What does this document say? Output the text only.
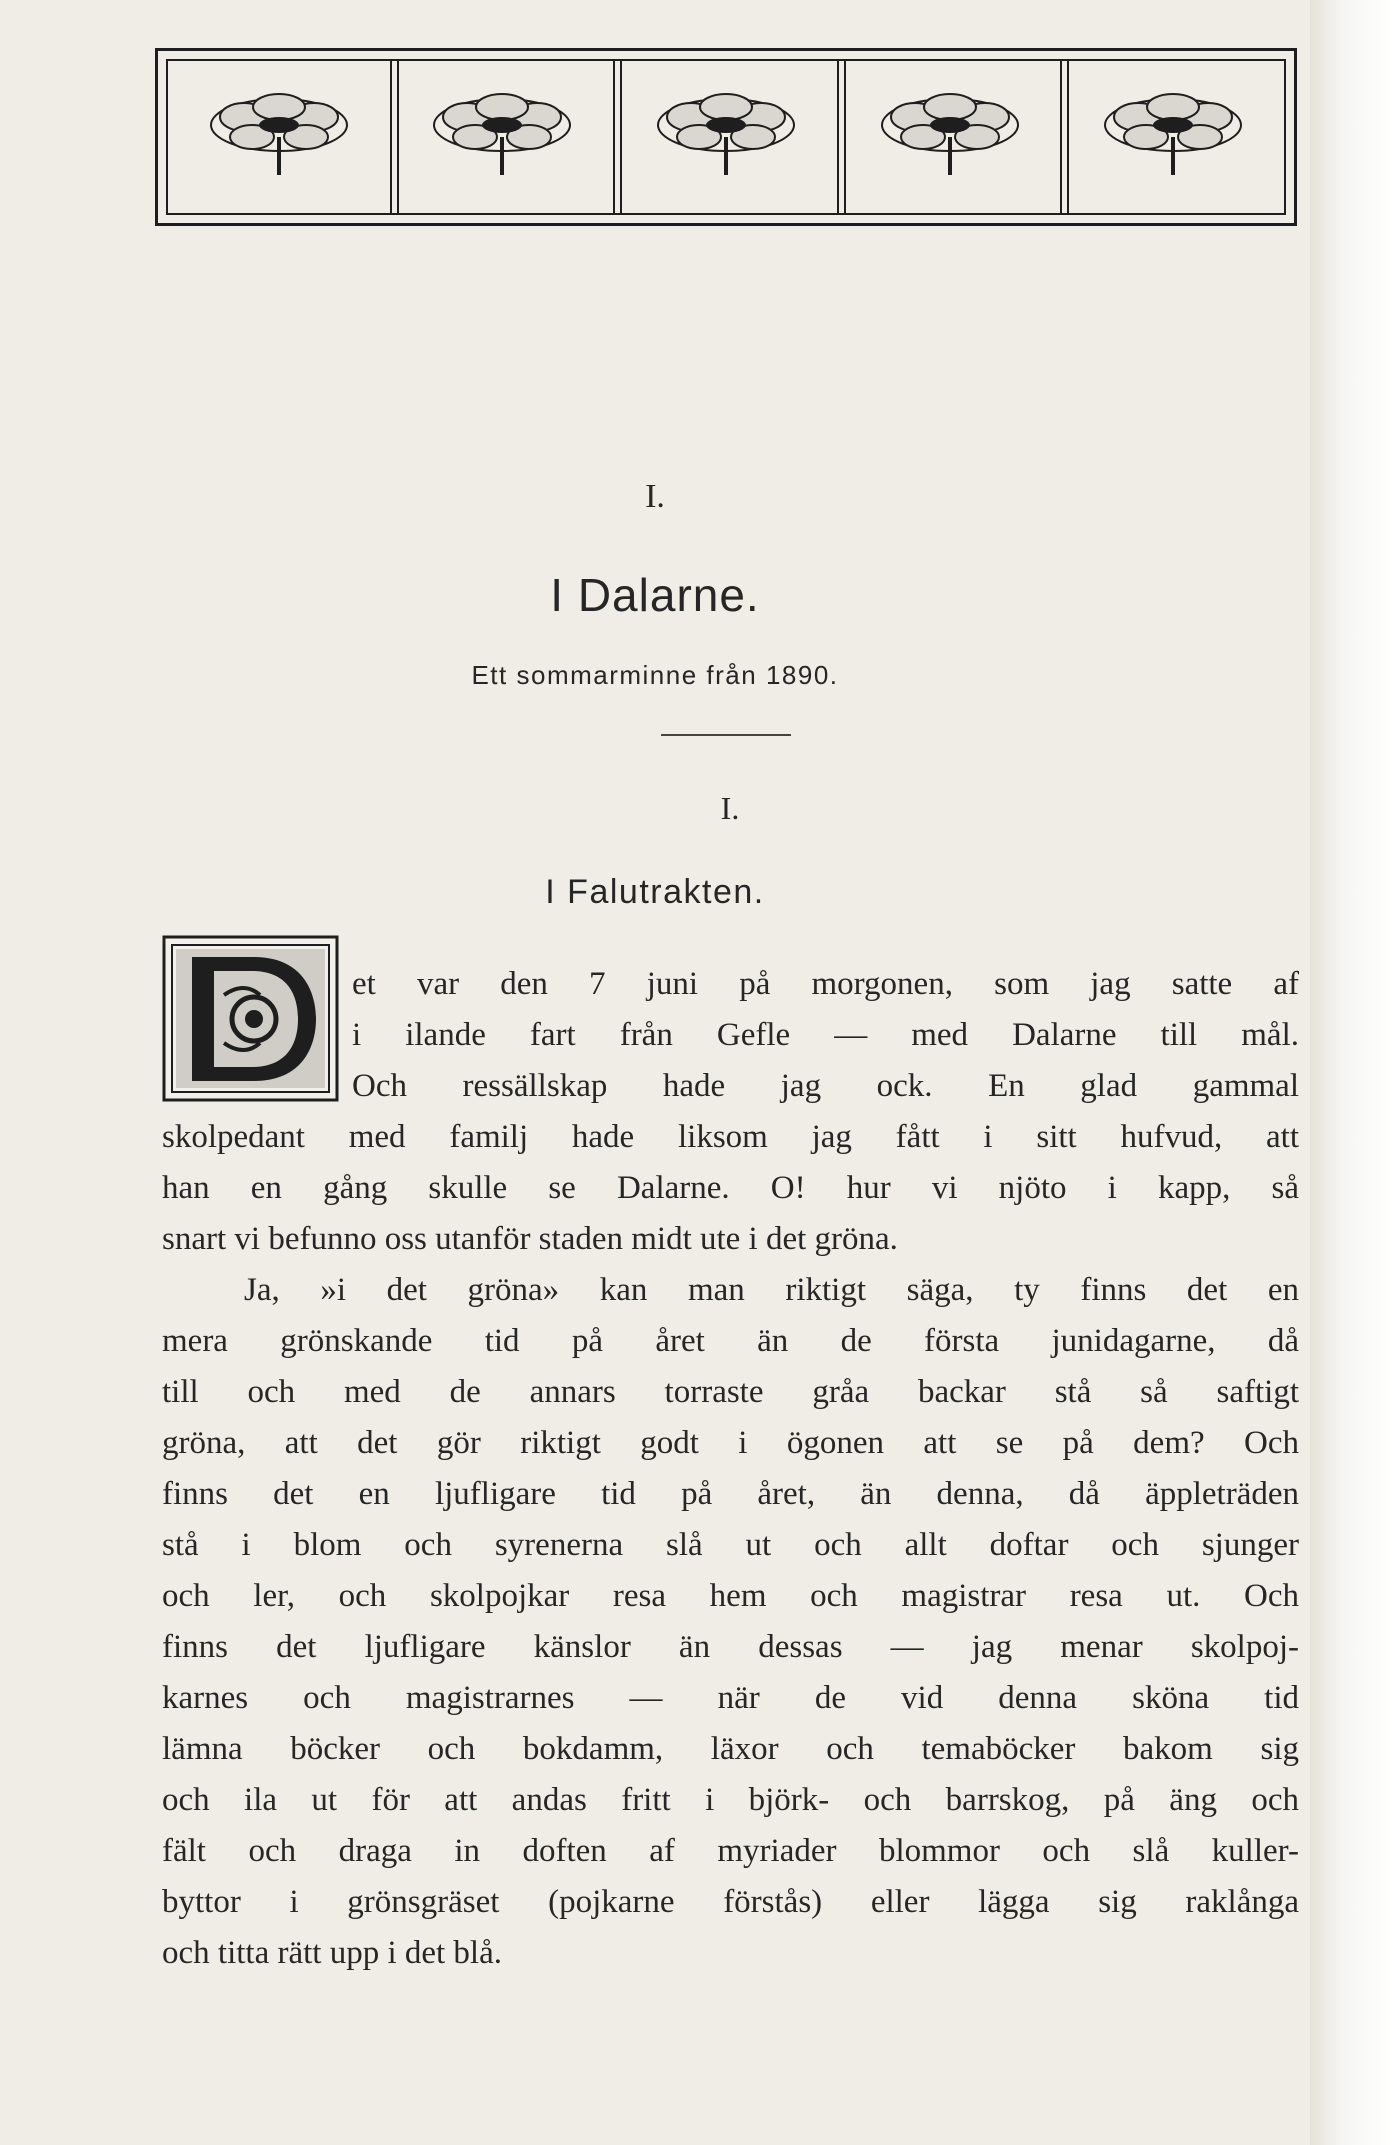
I.
I Dalarne.
Ett sommarminne från 1890.
I.
I Falutrakten.
D
et var den 7 juni på morgonen, som jag satte af
i ilande fart från Gefle — med Dalarne till mål.
Och ressällskap hade jag ock. En glad gammal
skolpedant med familj hade liksom jag fått i sitt hufvud, att
han en gång skulle se Dalarne. O! hur vi njöto i kapp, så
snart vi befunno oss utanför staden midt ute i det gröna.
Ja, »i det gröna» kan man riktigt säga, ty finns det en
mera grönskande tid på året än de första junidagarne, då
till och med de annars torraste gråa backar stå så saftigt
gröna, att det gör riktigt godt i ögonen att se på dem? Och
finns det en ljufligare tid på året, än denna, då äppleträden
stå i blom och syrenerna slå ut och allt doftar och sjunger
och ler, och skolpojkar resa hem och magistrar resa ut. Och
finns det ljufligare känslor än dessas — jag menar skolpoj-
karnes och magistrarnes — när de vid denna sköna tid
lämna böcker och bokdamm, läxor och temaböcker bakom sig
och ila ut för att andas fritt i björk- och barrskog, på äng och
fält och draga in doften af myriader blommor och slå kuller-
byttor i grönsgräset (pojkarne förstås) eller lägga sig raklånga
och titta rätt upp i det blå.
